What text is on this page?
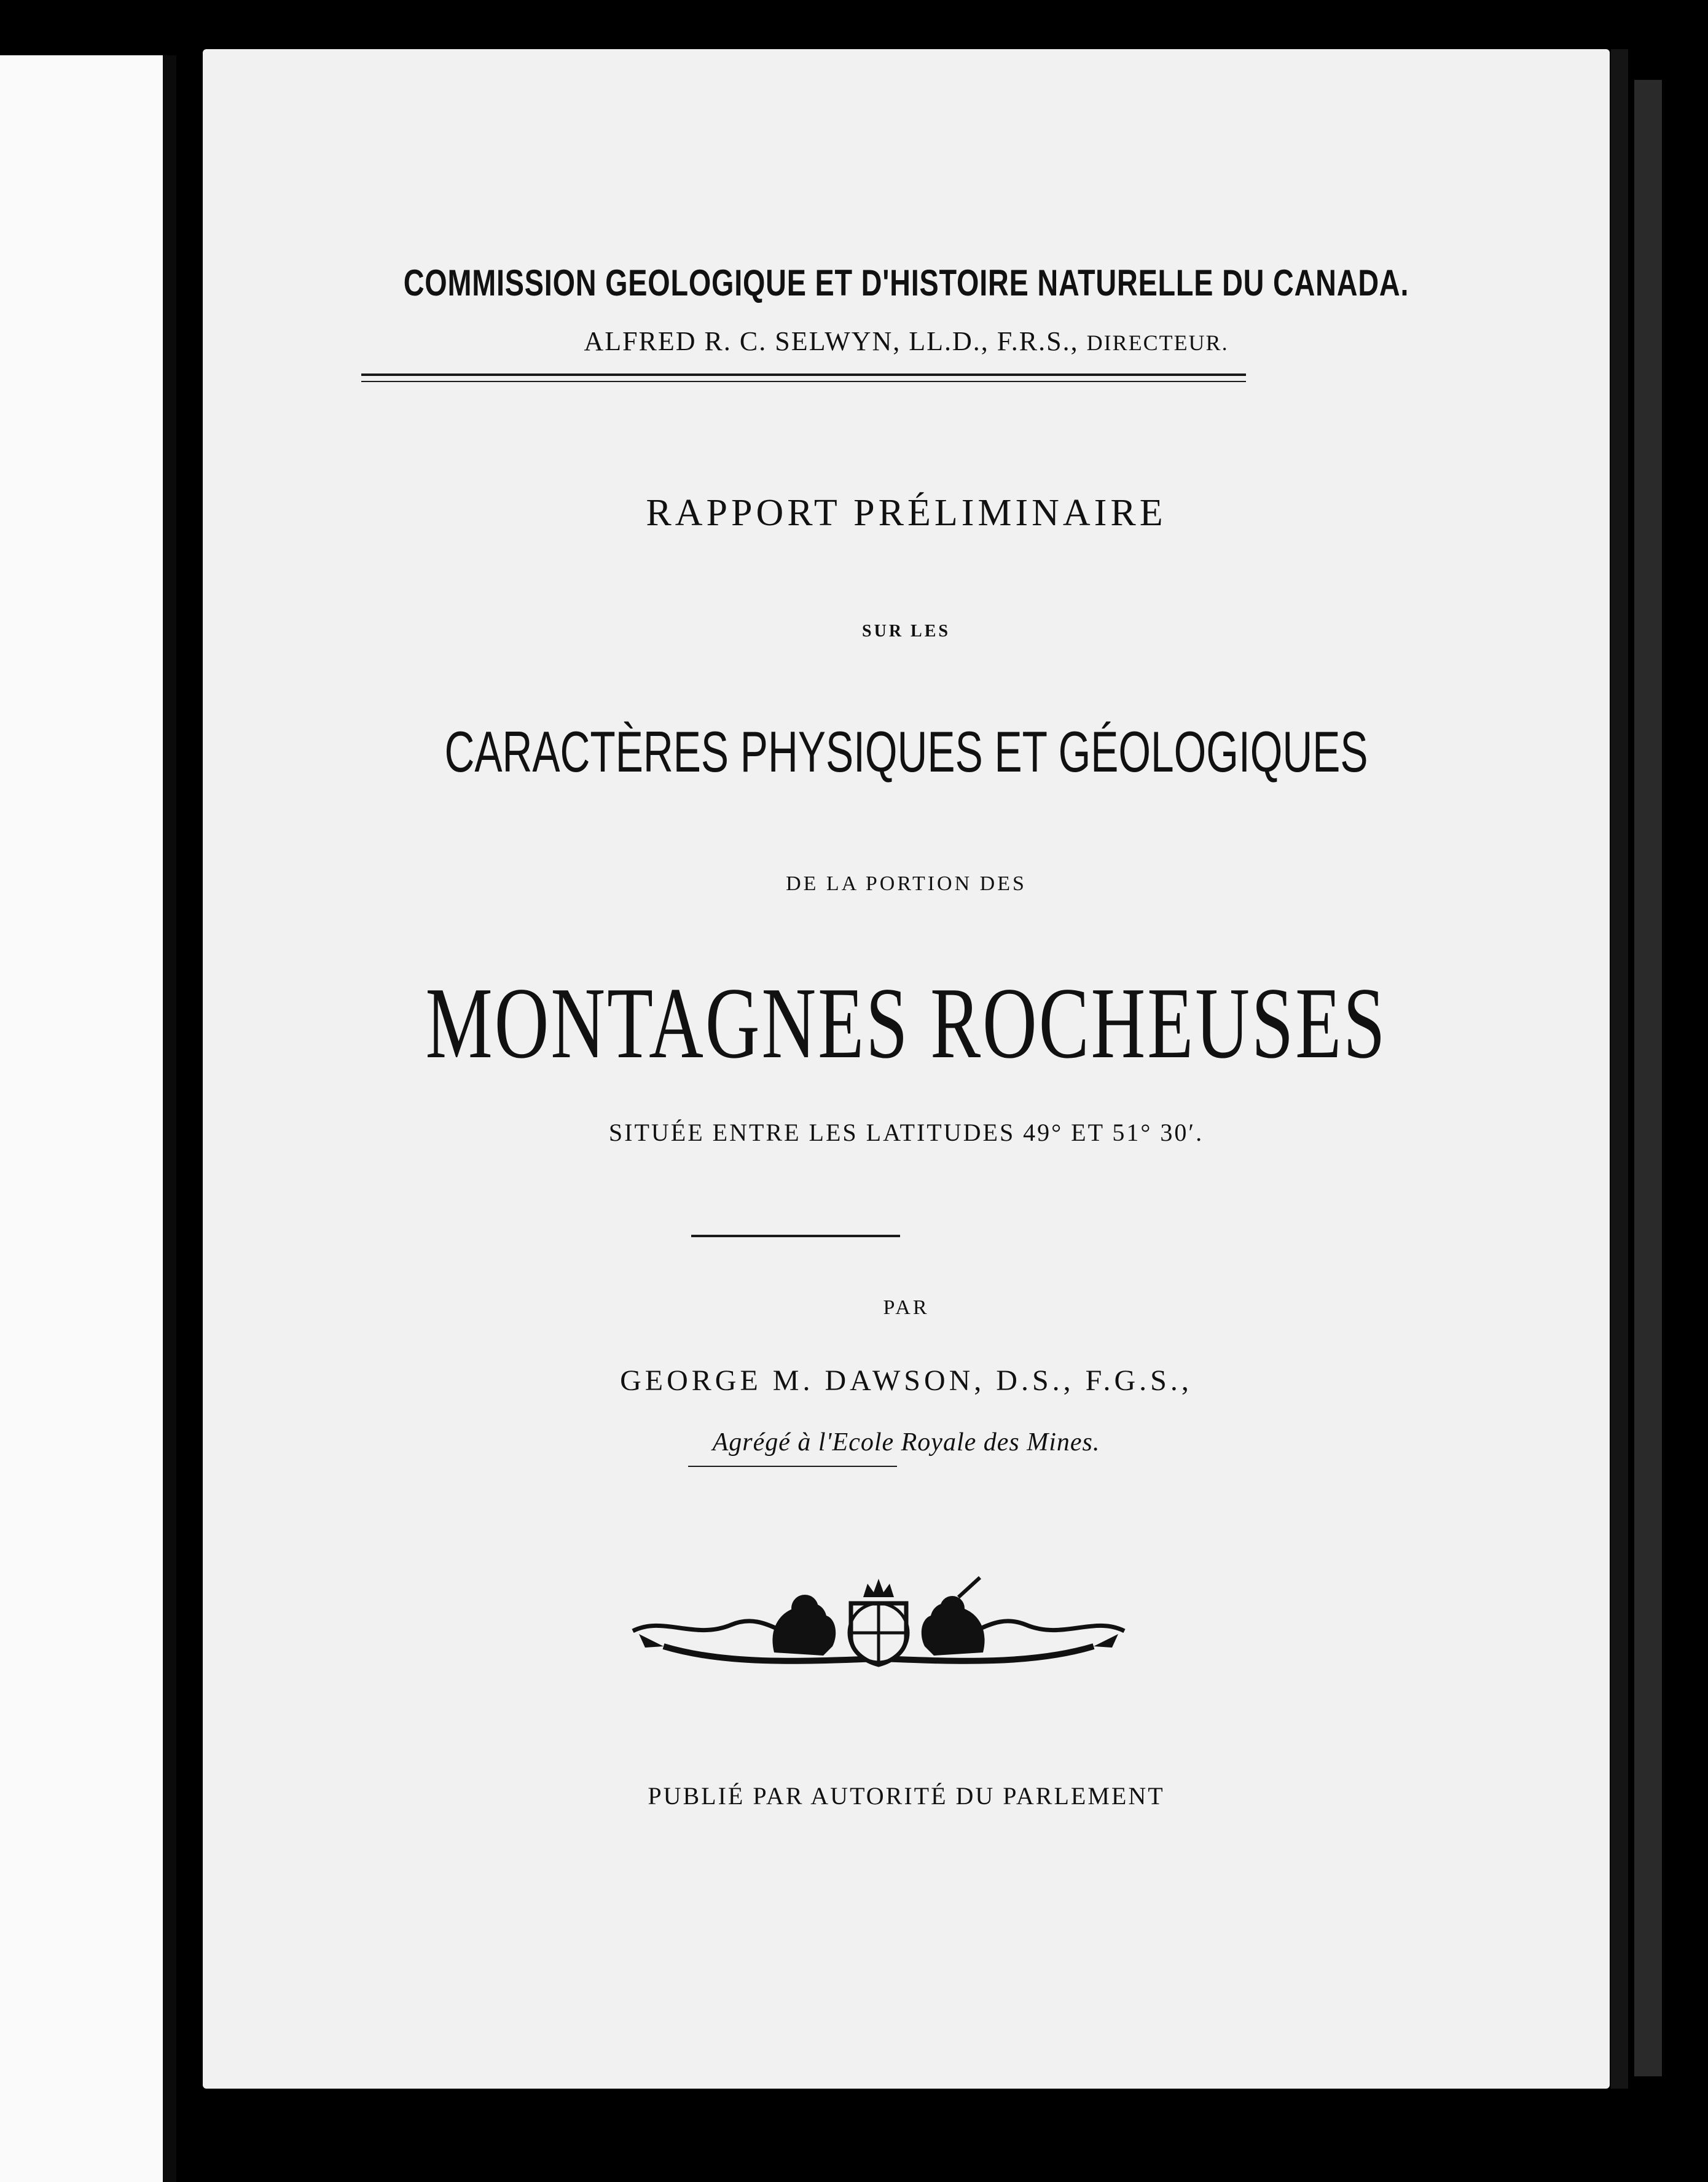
COMMISSION GEOLOGIQUE ET D'HISTOIRE NATURELLE DU CANADA.
ALFRED R. C. SELWYN, LL.D., F.R.S., DIRECTEUR.
RAPPORT PRÉLIMINAIRE
SUR LES
CARACTÈRES PHYSIQUES ET GÉOLOGIQUES
DE LA PORTION DES
MONTAGNES ROCHEUSES
SITUÉE ENTRE LES LATITUDES 49° ET 51° 30′.
PAR
GEORGE M. DAWSON, D.S., F.G.S.,
Agrégé à l'Ecole Royale des Mines.
PUBLIÉ PAR AUTORITÉ DU PARLEMENT
